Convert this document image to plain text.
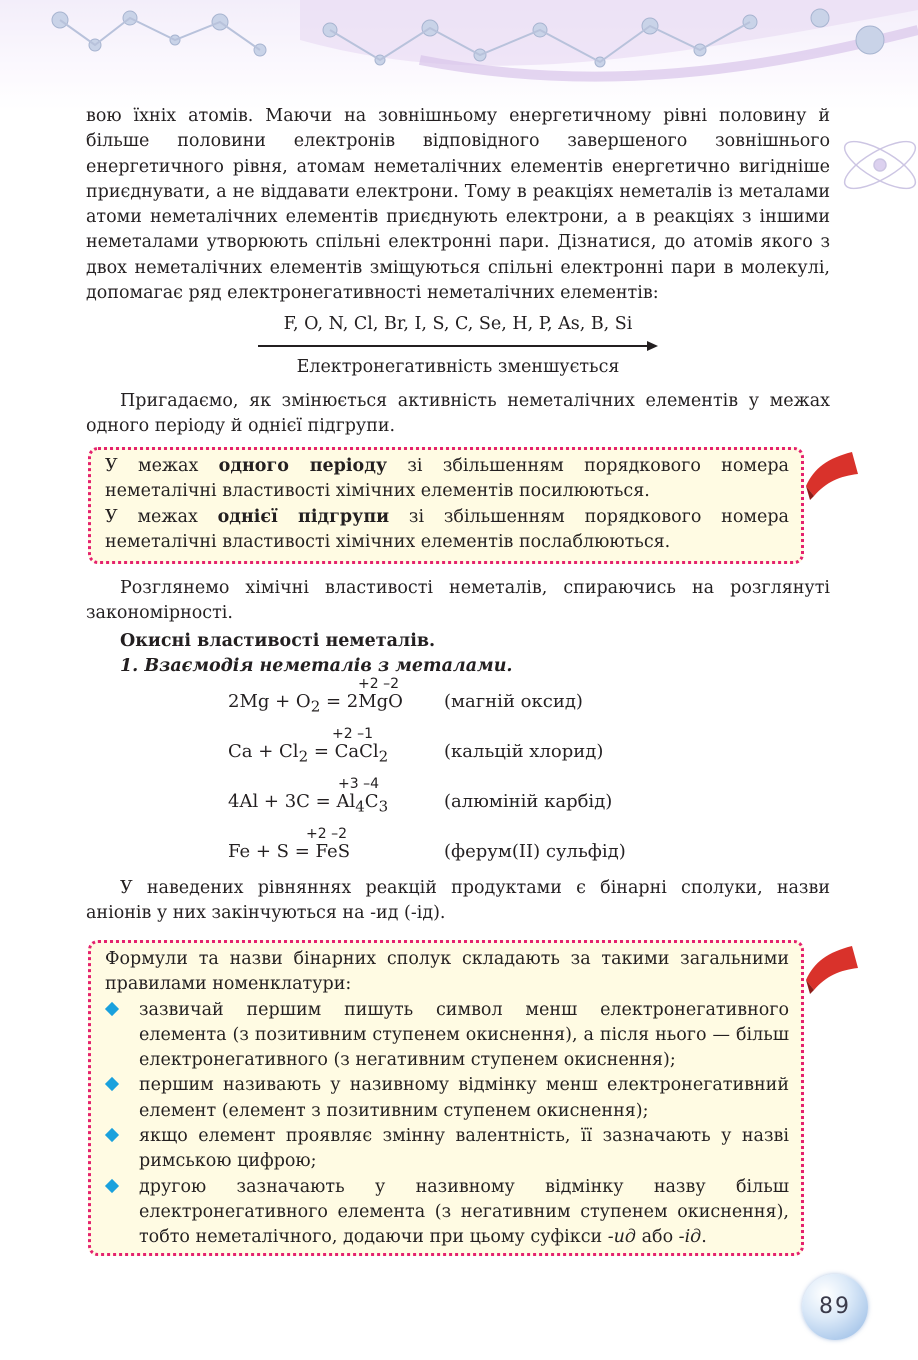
вою їхніх атомів. Маючи на зовнішньому енергетичному рівні половину й більше половини електронів відповідного завершеного зовнішнього енергетичного рівня, атомам неметалічних елементів енергетично вигідніше приєднувати, а не віддавати електрони. Тому в реакціях неметалів із металами атоми неметалічних елементів приєднують електрони, а в реакціях з іншими неметалами утворюють спільні електронні пари. Дізнатися, до атомів якого з двох неметалічних елементів зміщуються спільні електронні пари в молекулі, допомагає ряд електронегативності неметалічних елементів:

F, O, N, Cl, Br, I, S, C, Se, H, P, As, B, Si
Електронегативність зменшується

Пригадаємо, як змінюється активність неметалічних елементів у межах одного періоду й однієї підгрупи.

У межах одного періоду зі збільшенням порядкового номера неметалічні властивості хімічних елементів посилюються.

У межах однієї підгрупи зі збільшенням порядкового номера неметалічні властивості хімічних елементів послаблюються.

Розглянемо хімічні властивості неметалів, спираючись на розглянуті закономірності.

Окисні властивості неметалів.

1. Взаємодія неметалів з металами.

+2 –2
$2Mg + O_2 = 2MgO$ (магній оксид)
+2 –1
$Ca + Cl_2$ = CaCl$_2$	(кальцій хлорид)
+3 –4
$4Al + 3C = Al_4C_3$	(алюміній карбід)
+2 –2
Fe + S = FeS	(ферум(II) сульфід)

У наведених рівняннях реакцій продуктами є бінарні сполуки, назви аніонів у них закінчуються на -ид (-ід).

Формули та назви бінарних сполук складають за такими загальними правилами номенклатури:

зазвичай першим пишуть символ менш електронегативного елемента (з позитивним ступенем окиснення), а після нього — більш електронегативного (з негативним ступенем окиснення);
першим називають у називному відмінку менш електронегативний елемент (елемент з позитивним ступенем окиснення);
якщо елемент проявляє змінну валентність, її зазначають у назві римською цифрою;
другою зазначають у називному відмінку назву більш електронегативного елемента (з негативним ступенем окиснення), тобто неметалічного, додаючи при цьому суфікси -ид або -ід.
89
